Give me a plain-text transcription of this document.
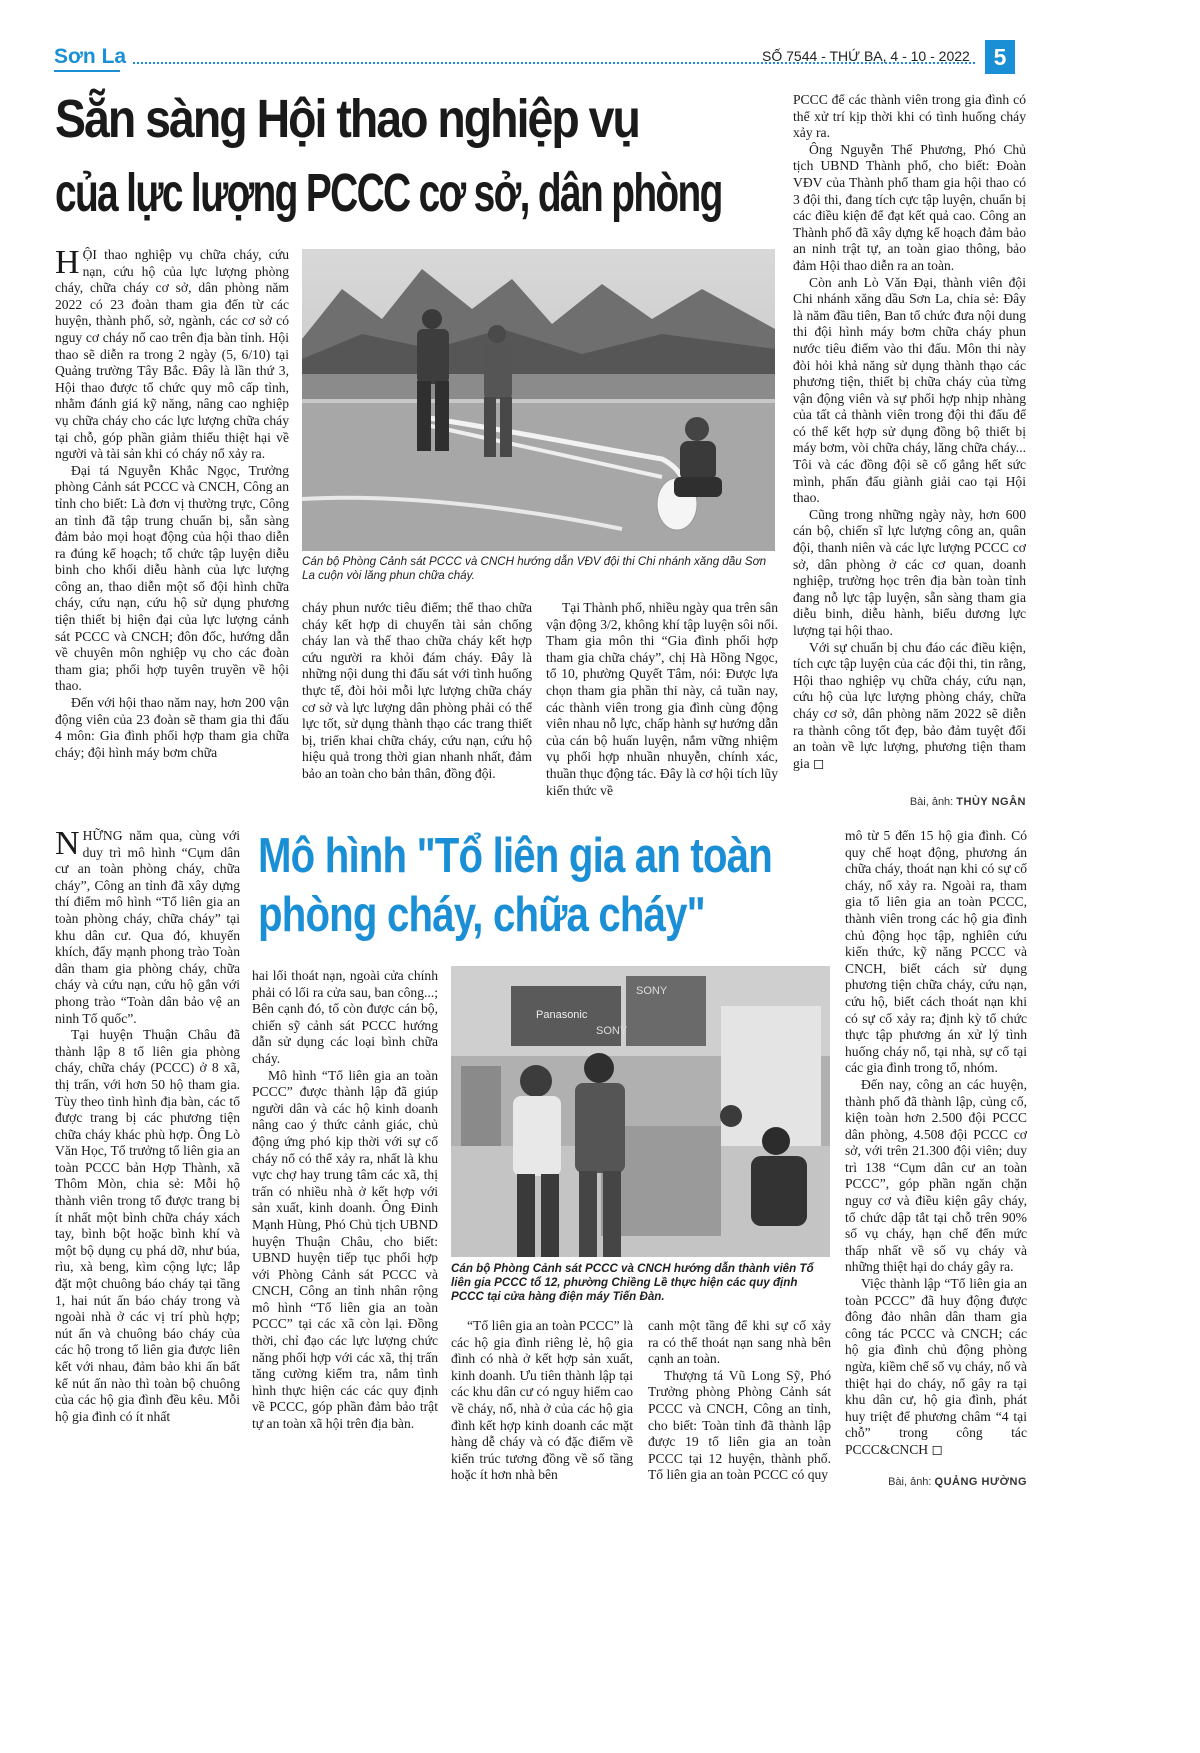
Sơn La	SỐ 7544 - THỨ BA, 4 - 10 - 2022	5
Sẵn sàng Hội thao nghiệp vụ
của lực lượng PCCC cơ sở, dân phòng

HỘI thao nghiệp vụ chữa cháy, cứu nạn, cứu hộ của lực lượng phòng cháy, chữa cháy cơ sở, dân phòng năm 2022 có 23 đoàn tham gia đến từ các huyện, thành phố, sở, ngành, các cơ sở có nguy cơ cháy nổ cao trên địa bàn tỉnh. Hội thao sẽ diễn ra trong 2 ngày (5, 6/10) tại Quảng trường Tây Bắc. Đây là lần thứ 3, Hội thao được tổ chức quy mô cấp tỉnh, nhằm đánh giá kỹ năng, nâng cao nghiệp vụ chữa cháy cho các lực lượng chữa cháy tại chỗ, góp phần giảm thiểu thiệt hại về người và tài sản khi có cháy nổ xảy ra.

Đại tá Nguyễn Khắc Ngọc, Trưởng phòng Cảnh sát PCCC và CNCH, Công an tỉnh cho biết: Là đơn vị thường trực, Công an tỉnh đã tập trung chuẩn bị, sẵn sàng đảm bảo mọi hoạt động của hội thao diễn ra đúng kế hoạch; tổ chức tập luyện diễu binh cho khối diễu hành của lực lượng công an, thao diễn một số đội hình chữa cháy, cứu nạn, cứu hộ sử dụng phương tiện thiết bị hiện đại của lực lượng cảnh sát PCCC và CNCH; đôn đốc, hướng dẫn về chuyên môn nghiệp vụ cho các đoàn tham gia; phối hợp tuyên truyền về hội thao.

Đến với hội thao năm nay, hơn 200 vận động viên của 23 đoàn sẽ tham gia thi đấu 4 môn: Gia đình phối hợp tham gia chữa cháy; đội hình máy bơm chữa

Cán bộ Phòng Cảnh sát PCCC và CNCH hướng dẫn VĐV đội thi Chi nhánh xăng dầu Sơn La cuộn vòi lăng phun chữa cháy.

cháy phun nước tiêu điểm; thể thao chữa cháy kết hợp di chuyển tài sản chống cháy lan và thể thao chữa cháy kết hợp cứu người ra khỏi đám cháy. Đây là những nội dung thi đấu sát với tình huống thực tế, đòi hỏi mỗi lực lượng chữa cháy cơ sở và lực lượng dân phòng phải có thể lực tốt, sử dụng thành thạo các trang thiết bị, triển khai chữa cháy, cứu nạn, cứu hộ hiệu quả trong thời gian nhanh nhất, đảm bảo an toàn cho bản thân, đồng đội.

Tại Thành phố, nhiều ngày qua trên sân vận động 3/2, không khí tập luyện sôi nổi. Tham gia môn thi “Gia đình phối hợp tham gia chữa cháy”, chị Hà Hồng Ngọc, tổ 10, phường Quyết Tâm, nói: Được lựa chọn tham gia phần thi này, cả tuần nay, các thành viên trong gia đình cùng động viên nhau nỗ lực, chấp hành sự hướng dẫn của cán bộ huấn luyện, nắm vững nhiệm vụ phối hợp nhuần nhuyễn, chính xác, thuần thục động tác. Đây là cơ hội tích lũy kiến thức về

PCCC để các thành viên trong gia đình có thể xử trí kịp thời khi có tình huống cháy xảy ra.

Ông Nguyễn Thế Phương, Phó Chủ tịch UBND Thành phố, cho biết: Đoàn VĐV của Thành phố tham gia hội thao có 3 đội thi, đang tích cực tập luyện, chuẩn bị các điều kiện để đạt kết quả cao. Công an Thành phố đã xây dựng kế hoạch đảm bảo an ninh trật tự, an toàn giao thông, bảo đảm Hội thao diễn ra an toàn.

Còn anh Lò Văn Đại, thành viên đội Chi nhánh xăng dầu Sơn La, chia sẻ: Đây là năm đầu tiên, Ban tổ chức đưa nội dung thi đội hình máy bơm chữa cháy phun nước tiêu điểm vào thi đấu. Môn thi này đòi hỏi khả năng sử dụng thành thạo các phương tiện, thiết bị chữa cháy của từng vận động viên và sự phối hợp nhịp nhàng của tất cả thành viên trong đội thi đấu để có thể kết hợp sử dụng đồng bộ thiết bị máy bơm, vòi chữa cháy, lăng chữa cháy... Tôi và các đồng đội sẽ cố gắng hết sức mình, phấn đấu giành giải cao tại Hội thao.

Cũng trong những ngày này, hơn 600 cán bộ, chiến sĩ lực lượng công an, quân đội, thanh niên và các lực lượng PCCC cơ sở, dân phòng ở các cơ quan, doanh nghiệp, trường học trên địa bàn toàn tỉnh đang nỗ lực tập luyện, sẵn sàng tham gia diễu binh, diễu hành, biểu dương lực lượng tại hội thao.

Với sự chuẩn bị chu đáo các điều kiện, tích cực tập luyện của các đội thi, tin rằng, Hội thao nghiệp vụ chữa cháy, cứu nạn, cứu hộ của lực lượng phòng cháy, chữa cháy cơ sở, dân phòng năm 2022 sẽ diễn ra thành công tốt đẹp, bảo đảm tuyệt đối an toàn về lực lượng, phương tiện tham gia ◻

Bài, ảnh: THÙY NGÂN
Mô hình "Tổ liên gia an toàn
phòng cháy, chữa cháy"

NHỮNG năm qua, cùng với duy trì mô hình “Cụm dân cư an toàn phòng cháy, chữa cháy”, Công an tỉnh đã xây dựng thí điểm mô hình “Tổ liên gia an toàn phòng cháy, chữa cháy” tại khu dân cư. Qua đó, khuyến khích, đẩy mạnh phong trào Toàn dân tham gia phòng cháy, chữa cháy và cứu nạn, cứu hộ gắn với phong trào “Toàn dân bảo vệ an ninh Tổ quốc”.

Tại huyện Thuận Châu đã thành lập 8 tổ liên gia phòng cháy, chữa cháy (PCCC) ở 8 xã, thị trấn, với hơn 50 hộ tham gia. Tùy theo tình hình địa bàn, các tổ được trang bị các phương tiện chữa cháy khác phù hợp. Ông Lò Văn Học, Tổ trưởng tổ liên gia an toàn PCCC bản Hợp Thành, xã Thôm Mòn, chia sẻ: Mỗi hộ thành viên trong tổ được trang bị ít nhất một bình chữa cháy xách tay, bình bột hoặc bình khí và một bộ dụng cụ phá dỡ, như búa, rìu, xà beng, kìm cộng lực; lắp đặt một chuông báo cháy tại tầng 1, hai nút ấn báo cháy trong và ngoài nhà ở các vị trí phù hợp; nút ấn và chuông báo cháy của các hộ trong tổ liên gia được liên kết với nhau, đảm bảo khi ấn bất kể nút ấn nào thì toàn bộ chuông của các hộ gia đình đều kêu. Mỗi hộ gia đình có ít nhất

hai lối thoát nạn, ngoài cửa chính phải có lối ra cửa sau, ban công...; Bên cạnh đó, tổ còn được cán bộ, chiến sỹ cảnh sát PCCC hướng dẫn sử dụng các loại bình chữa cháy.

Mô hình “Tổ liên gia an toàn PCCC” được thành lập đã giúp người dân và các hộ kinh doanh nâng cao ý thức cảnh giác, chủ động ứng phó kịp thời với sự cố cháy nổ có thể xảy ra, nhất là khu vực chợ hay trung tâm các xã, thị trấn có nhiều nhà ở kết hợp với sản xuất, kinh doanh. Ông Đinh Mạnh Hùng, Phó Chủ tịch UBND huyện Thuận Châu, cho biết: UBND huyện tiếp tục phối hợp với Phòng Cảnh sát PCCC và CNCH, Công an tỉnh nhân rộng mô hình “Tổ liên gia an toàn PCCC” tại các xã còn lại. Đồng thời, chỉ đạo các lực lượng chức năng phối hợp với các xã, thị trấn tăng cường kiểm tra, nắm tình hình thực hiện các các quy định về PCCC, góp phần đảm bảo trật tự an toàn xã hội trên địa bàn.

Panasonic
SONY
SONY
Cán bộ Phòng Cảnh sát PCCC và CNCH hướng dẫn thành viên Tổ liên gia PCCC tổ 12, phường Chiềng Lề thực hiện các quy định PCCC tại cửa hàng điện máy Tiến Đàn.

“Tổ liên gia an toàn PCCC” là các hộ gia đình riêng lẻ, hộ gia đình có nhà ở kết hợp sản xuất, kinh doanh. Ưu tiên thành lập tại các khu dân cư có nguy hiểm cao về cháy, nổ, nhà ở của các hộ gia đình kết hợp kinh doanh các mặt hàng dễ cháy và có đặc điểm về kiến trúc tương đồng về số tầng hoặc ít hơn nhà bên

canh một tầng để khi sự cố xảy ra có thể thoát nạn sang nhà bên cạnh an toàn.

Thượng tá Vũ Long Sỹ, Phó Trưởng phòng Phòng Cảnh sát PCCC và CNCH, Công an tỉnh, cho biết: Toàn tỉnh đã thành lập được 19 tổ liên gia an toàn PCCC tại 12 huyện, thành phố. Tổ liên gia an toàn PCCC có quy

mô từ 5 đến 15 hộ gia đình. Có quy chế hoạt động, phương án chữa cháy, thoát nạn khi có sự cố cháy, nổ xảy ra. Ngoài ra, tham gia tổ liên gia an toàn PCCC, thành viên trong các hộ gia đình chủ động học tập, nghiên cứu kiến thức, kỹ năng PCCC và CNCH, biết cách sử dụng phương tiện chữa cháy, cứu nạn, cứu hộ, biết cách thoát nạn khi có sự cố xảy ra; định kỳ tổ chức thực tập phương án xử lý tình huống cháy nổ, tại nhà, sự cố tại các gia đình trong tổ, nhóm.

Đến nay, công an các huyện, thành phố đã thành lập, củng cố, kiện toàn hơn 2.500 đội PCCC dân phòng, 4.508 đội PCCC cơ sở, với trên 21.300 đội viên; duy trì 138 “Cụm dân cư an toàn PCCC”, góp phần ngăn chặn nguy cơ và điều kiện gây cháy, tổ chức dập tắt tại chỗ trên 90% số vụ cháy, hạn chế đến mức thấp nhất về số vụ cháy và những thiệt hại do cháy gây ra.

Việc thành lập “Tổ liên gia an toàn PCCC” đã huy động được đông đảo nhân dân tham gia công tác PCCC và CNCH; các hộ gia đình chủ động phòng ngừa, kiềm chế số vụ cháy, nổ và thiệt hại do cháy, nổ gây ra tại khu dân cư, hộ gia đình, phát huy triệt để phương châm “4 tại chỗ” trong công tác PCCC&CNCH ◻

Bài, ảnh: QUẢNG HƯỜNG
